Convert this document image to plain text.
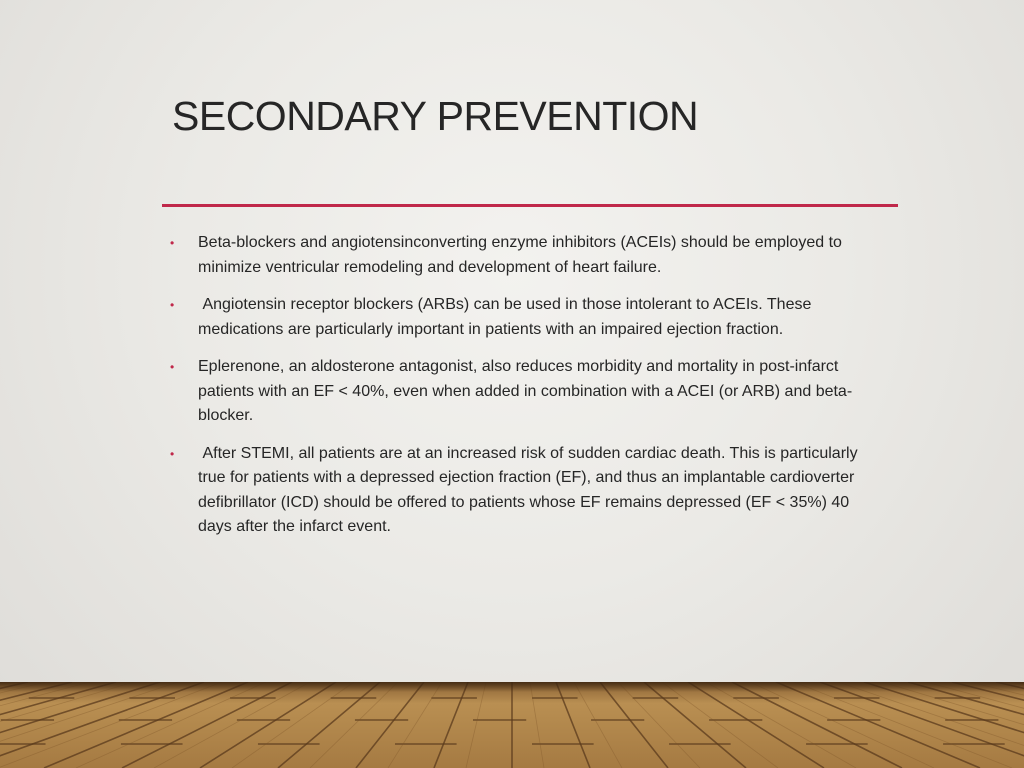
SECONDARY PREVENTION
• Beta-blockers and angiotensinconverting enzyme inhibitors (ACEIs) should be employed to minimize ventricular remodeling and development of heart failure.
• Angiotensin receptor blockers (ARBs) can be used in those intolerant to ACEIs. These medications are particularly important in patients with an impaired ejection fraction.
• Eplerenone, an aldosterone antagonist, also reduces morbidity and mortality in post-infarct patients with an EF < 40%, even when added in combination with a ACEI (or ARB) and beta-blocker.
• After STEMI, all patients are at an increased risk of sudden cardiac death. This is particularly true for patients with a depressed ejection fraction (EF), and thus an implantable cardioverter defibrillator (ICD) should be offered to patients whose EF remains depressed (EF < 35%) 40 days after the infarct event.
